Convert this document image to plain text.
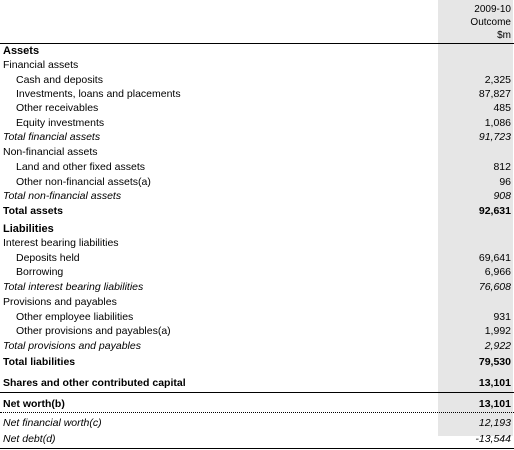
2009-10
Outcome
$m
Assets
Financial assets
Cash and deposits	2,325
Investments, loans and placements	87,827
Other receivables	485
Equity investments	1,086
Total financial assets	91,723
Non-financial assets
Land and other fixed assets	812
Other non-financial assets(a)	96
Total non-financial assets	908
Total assets	92,631
Liabilities
Interest bearing liabilities
Deposits held	69,641
Borrowing	6,966
Total interest bearing liabilities	76,608
Provisions and payables
Other employee liabilities	931
Other provisions and payables(a)	1,992
Total provisions and payables	2,922
Total liabilities	79,530
Shares and other contributed capital	13,101
Net worth(b)	13,101
Net financial worth(c)	12,193
Net debt(d)	-13,544
